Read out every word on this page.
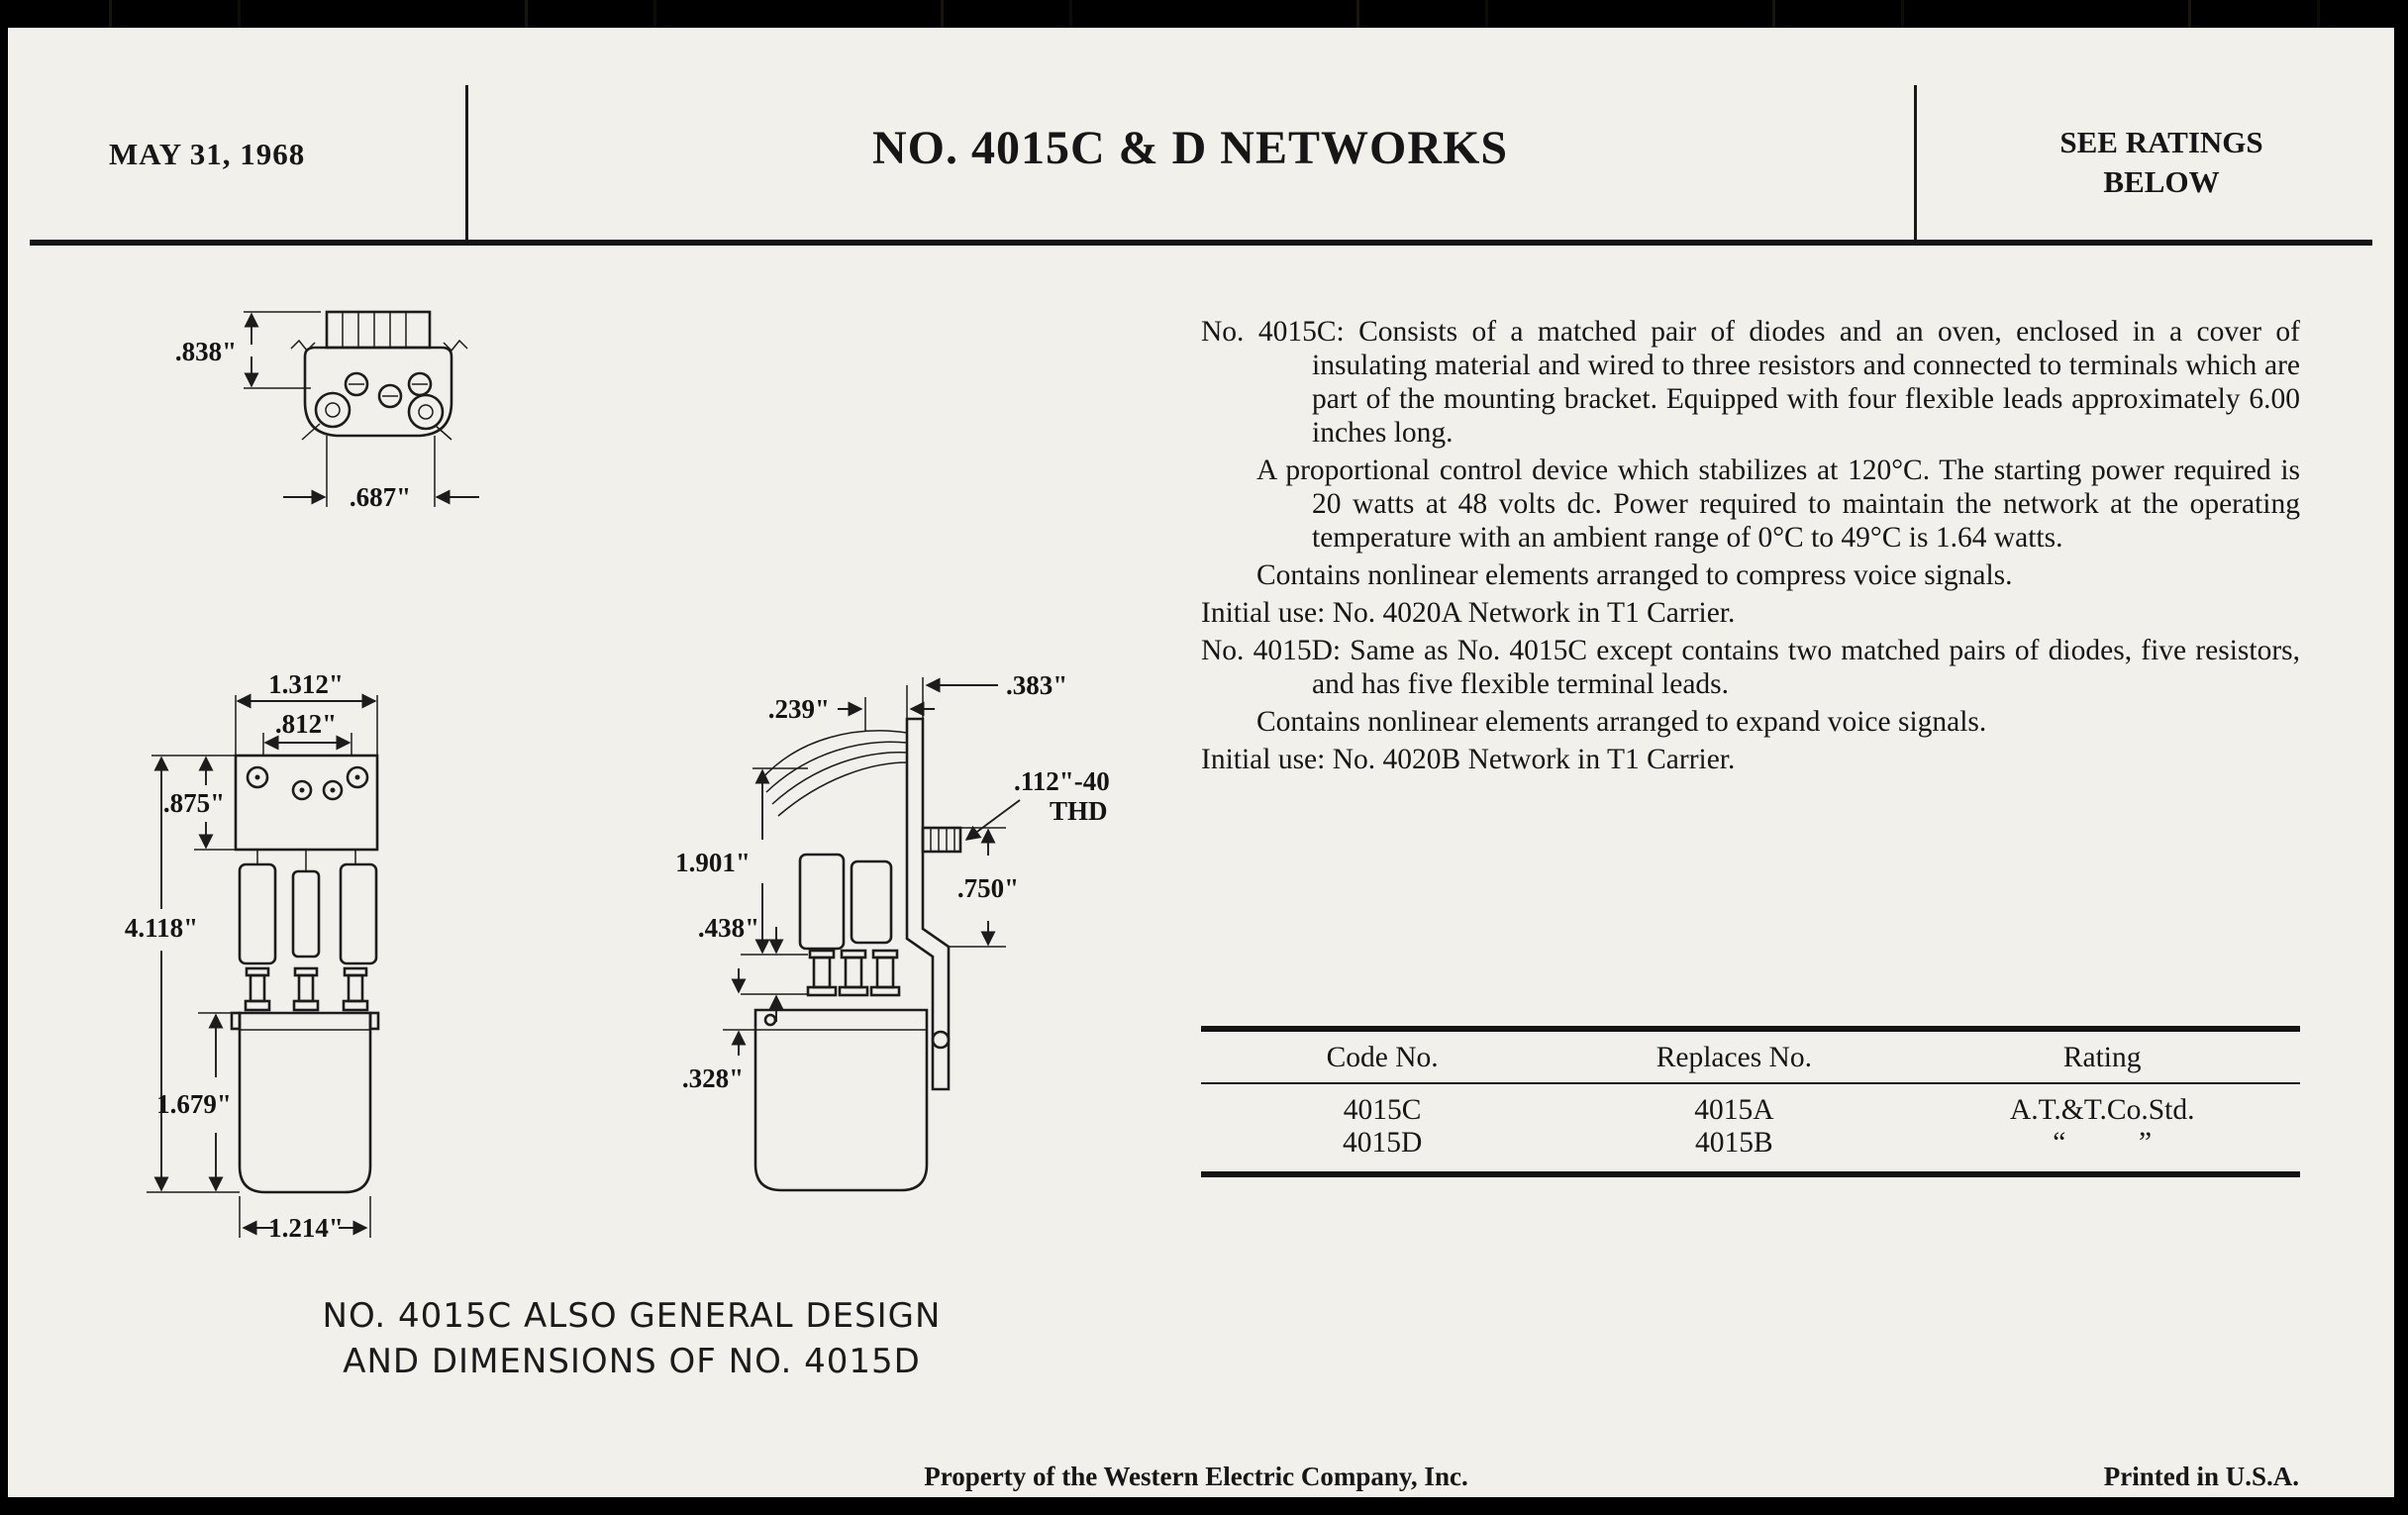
MAY 31, 1968	NO. 4015C & D NETWORKS	SEE RATINGS
BELOW
.838"
.687"
1.312"
.812"
.875"
4.118"
1.679"
1.214"
.239"
.383"
1.901"
.438"
.328"
.750"
.112"-40
THD
NO. 4015C ALSO GENERAL DESIGN
AND DIMENSIONS OF NO. 4015D

No. 4015C: Consists of a matched pair of diodes and an oven, enclosed in a cover of insulating material and wired to three resistors and connected to terminals which are part of the mounting bracket. Equipped with four flexible leads approximately 6.00 inches long.

A proportional control device which stabilizes at 120°C. The starting power required is 20 watts at 48 volts dc. Power required to maintain the network at the operating temperature with an ambient range of 0°C to 49°C is 1.64 watts.

Contains nonlinear elements arranged to compress voice signals.

Initial use: No. 4020A Network in T1 Carrier.

No. 4015D: Same as No. 4015C except contains two matched pairs of diodes, five resistors, and has five flexible terminal leads.

Contains nonlinear elements arranged to expand voice signals.

Initial use: No. 4020B Network in T1 Carrier.

Code No.	Replaces No.	Rating
4015C	4015A	A.T.&T.Co.Std.
4015D	4015B	“          ”
Property of the Western Electric Company, Inc.	Printed in U.S.A.
